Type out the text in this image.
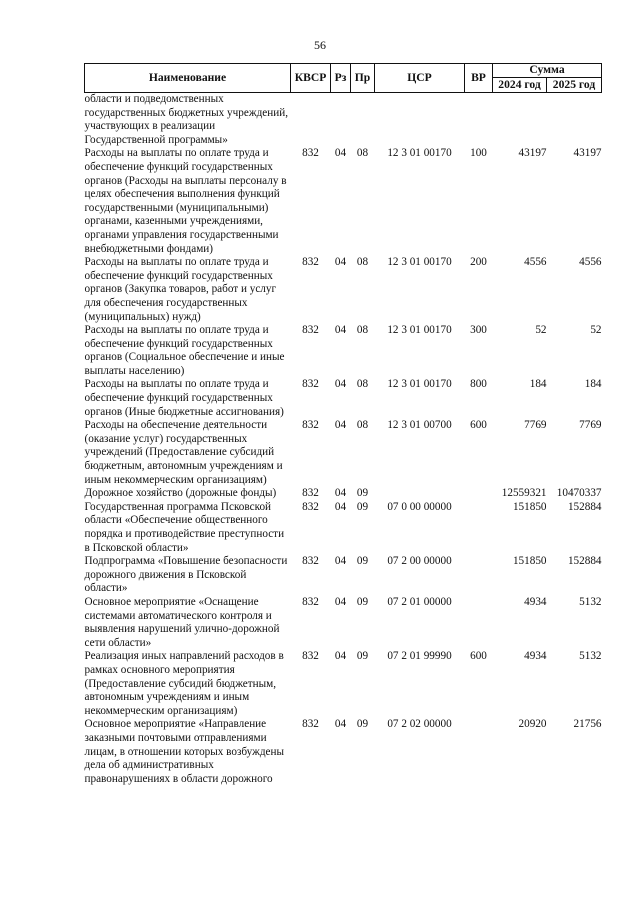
56
Наименование	КВСР	Рз	Пр	ЦСР	ВР	Сумма	
						2024 год	2025 год
области и подведомственных государственных бюджетных учреждений, участвующих в реализации Государственной программы»							
Расходы на выплаты по оплате труда и обеспечение функций государственных органов (Расходы на выплаты персоналу в целях обеспечения выполнения функций государственными (муниципальными) органами, казенными учреждениями, органами управления государственными внебюджетными фондами)	832	04	08	12 3 01 00170	100	43197	43197
Расходы на выплаты по оплате труда и обеспечение функций государственных органов (Закупка товаров, работ и услуг для обеспечения государственных (муниципальных) нужд)	832	04	08	12 3 01 00170	200	4556	4556
Расходы на выплаты по оплате труда и обеспечение функций государственных органов (Социальное обеспечение и иные выплаты населению)	832	04	08	12 3 01 00170	300	52	52
Расходы на выплаты по оплате труда и обеспечение функций государственных органов (Иные бюджетные ассигнования)	832	04	08	12 3 01 00170	800	184	184
Расходы на обеспечение деятельности (оказание услуг) государственных учреждений (Предоставление субсидий бюджетным, автономным учреждениям и иным некоммерческим организациям)	832	04	08	12 3 01 00700	600	7769	7769
Дорожное хозяйство (дорожные фонды)	832	04	09			12559321	10470337
Государственная программа Псковской области «Обеспечение общественного порядка и противодействие преступности в Псковской области»	832	04	09	07 0 00 00000		151850	152884
Подпрограмма «Повышение безопасности дорожного движения в Псковской области»	832	04	09	07 2 00 00000		151850	152884
Основное мероприятие «Оснащение системами автоматического контроля и выявления нарушений улично-дорожной сети области»	832	04	09	07 2 01 00000		4934	5132
Реализация иных направлений расходов в рамках основного мероприятия (Предоставление субсидий бюджетным, автономным учреждениям и иным некоммерческим организациям)	832	04	09	07 2 01 99990	600	4934	5132
Основное мероприятие «Направление заказными почтовыми отправлениями лицам, в отношении которых возбуждены дела об административных правонарушениях в области дорожного	832	04	09	07 2 02 00000		20920	21756
